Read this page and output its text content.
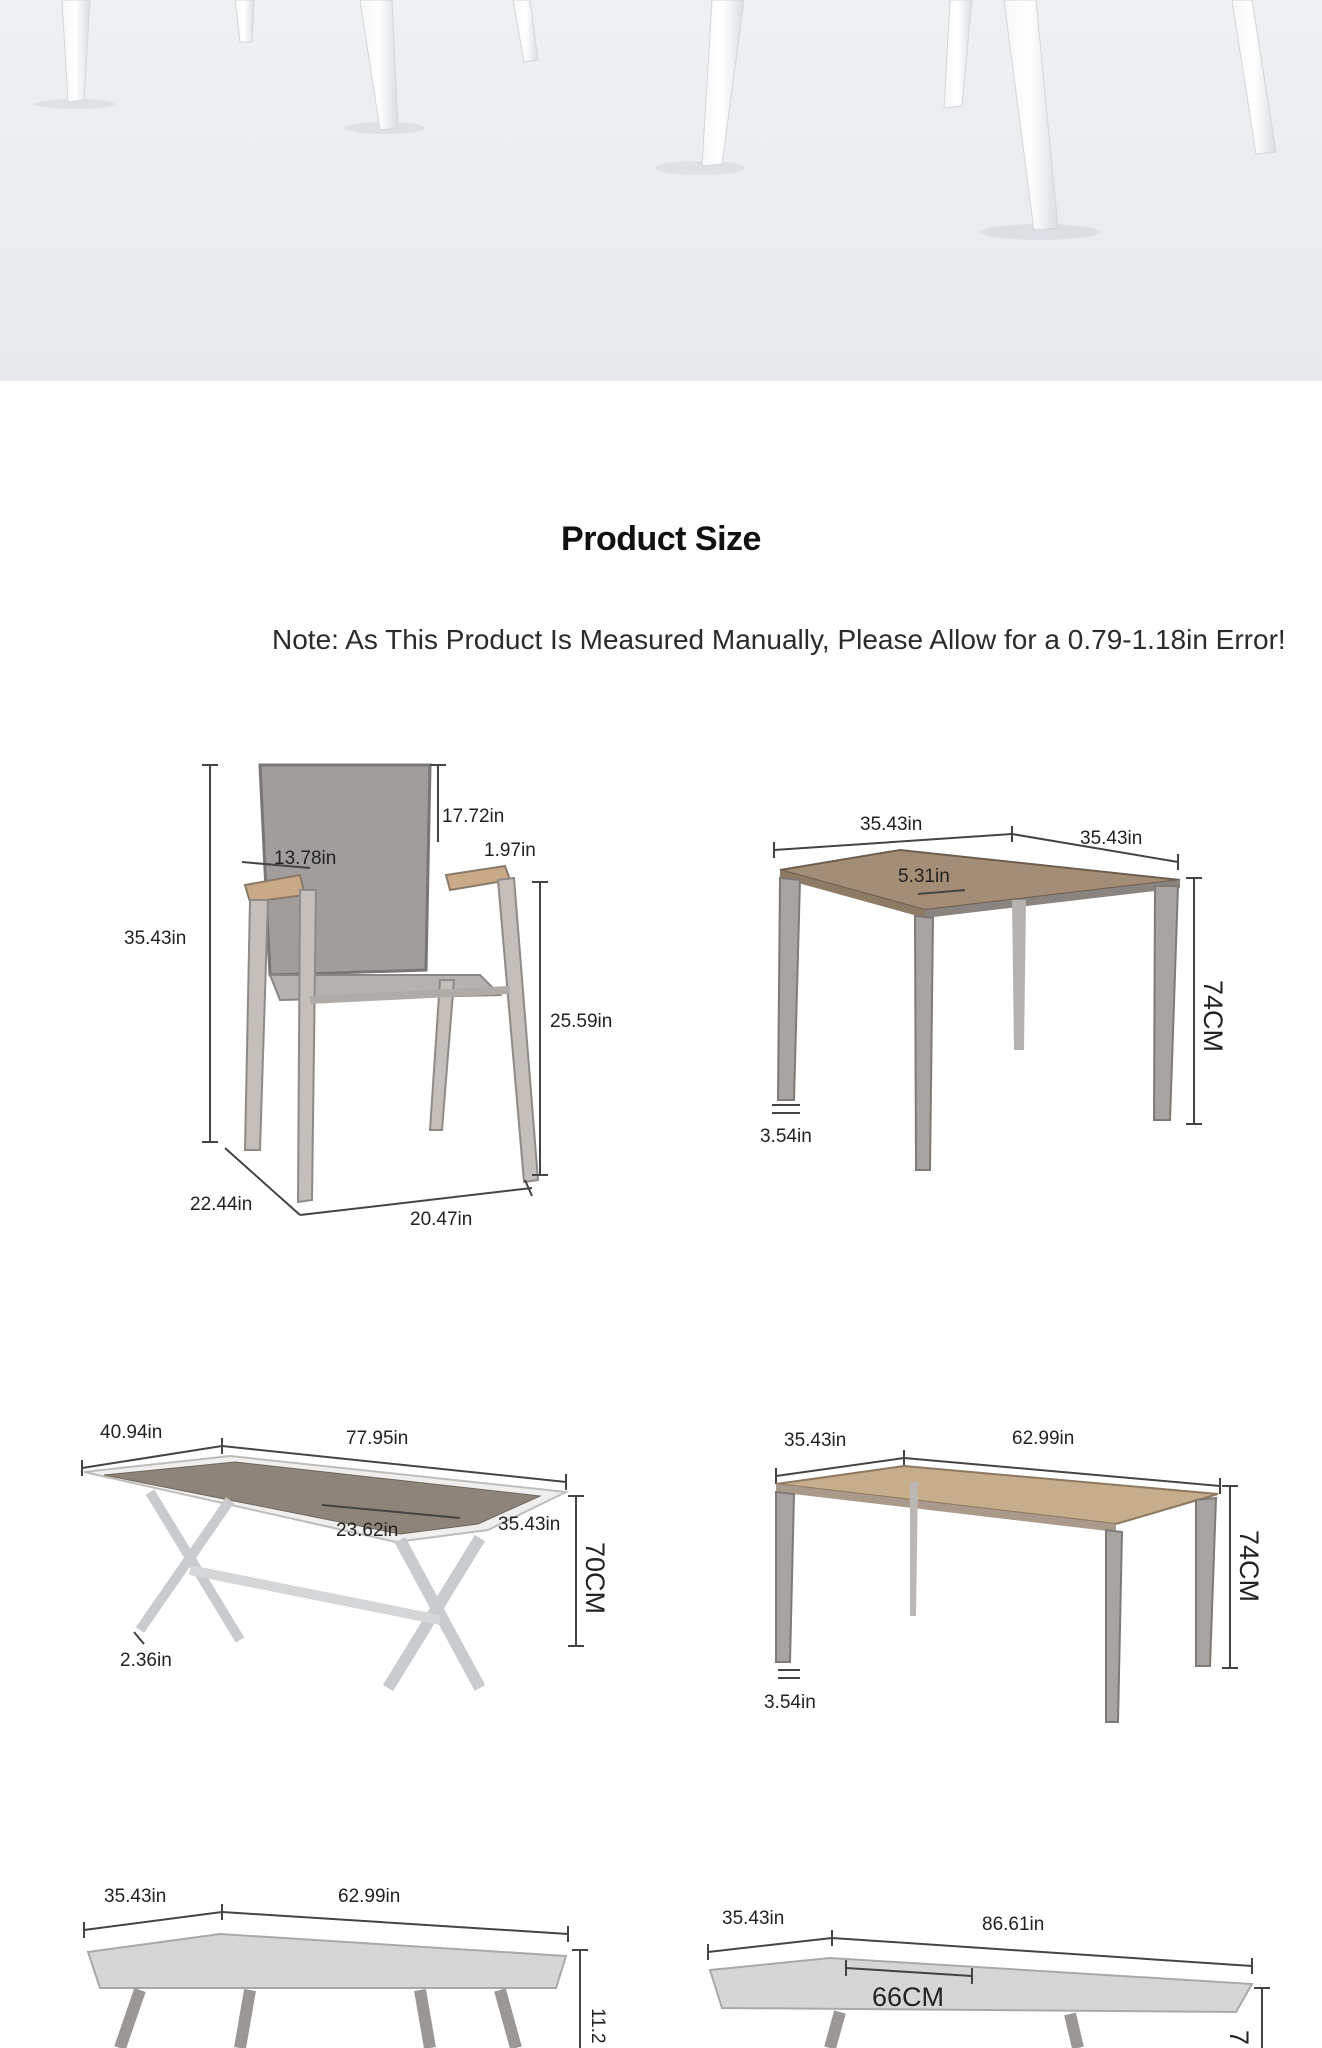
Product Size
Note: As This Product Is Measured Manually, Please Allow for a 0.79-1.18in Error!
35.43in
17.72in
13.78in	1.97in
25.59in
22.44in
20.47in
35.43in
35.43in
5.31in
74CM
3.54in
40.94in	77.95in
23.62in	35.43in
70CM
2.36in
35.43in	62.99in
74CM
3.54in
35.43in	62.99in
11.2
35.43in	86.61in
66CM
7
